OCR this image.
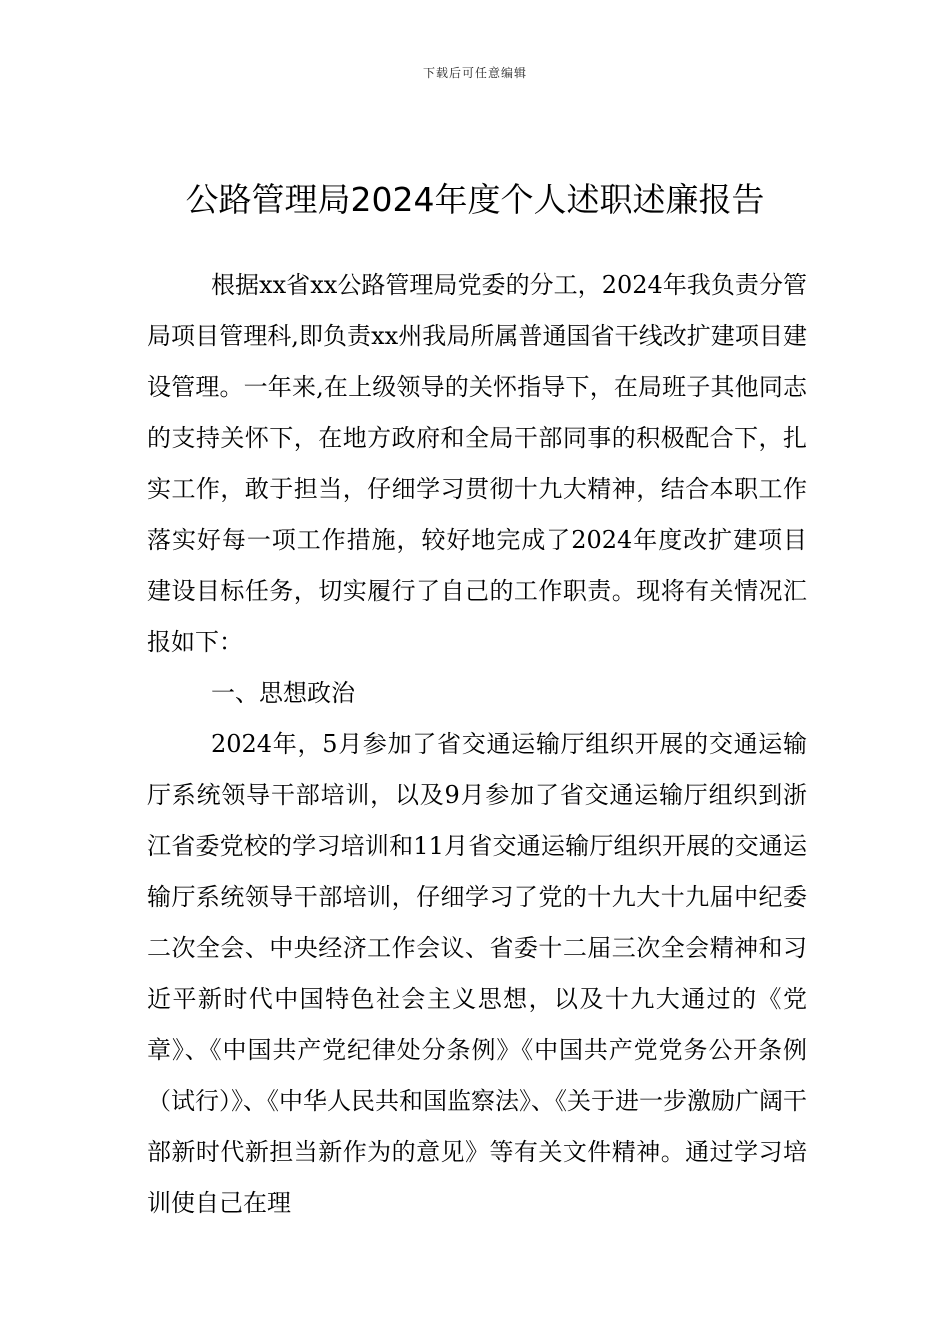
下载后可任意编辑
公路管理局2024年度个人述职述廉报告

根据xx省xx公路管理局党委的分工，2024年我负责分管局项目管理科,即负责xx州我局所属普通国省干线改扩建项目建设管理。一年来,在上级领导的关怀指导下，在局班子其他同志的支持关怀下，在地方政府和全局干部同事的积极配合下，扎实工作，敢于担当，仔细学习贯彻十九大精神，结合本职工作落实好每一项工作措施，较好地完成了2024年度改扩建项目建设目标任务，切实履行了自己的工作职责。现将有关情况汇报如下：

一、思想政治

2024年，5月参加了省交通运输厅组织开展的交通运输厅系统领导干部培训，以及9月参加了省交通运输厅组织到浙江省委党校的学习培训和11月省交通运输厅组织开展的交通运输厅系统领导干部培训，仔细学习了党的十九大十九届中纪委二次全会、中央经济工作会议、省委十二届三次全会精神和习近平新时代中国特色社会主义思想，以及十九大通过的《党章》、《中国共产党纪律处分条例》《中国共产党党务公开条例（试行）》、《中华人民共和国监察法》、《关于进一步激励广阔干部新时代新担当新作为的意见》等有关文件精神。通过学习培训使自己在理
